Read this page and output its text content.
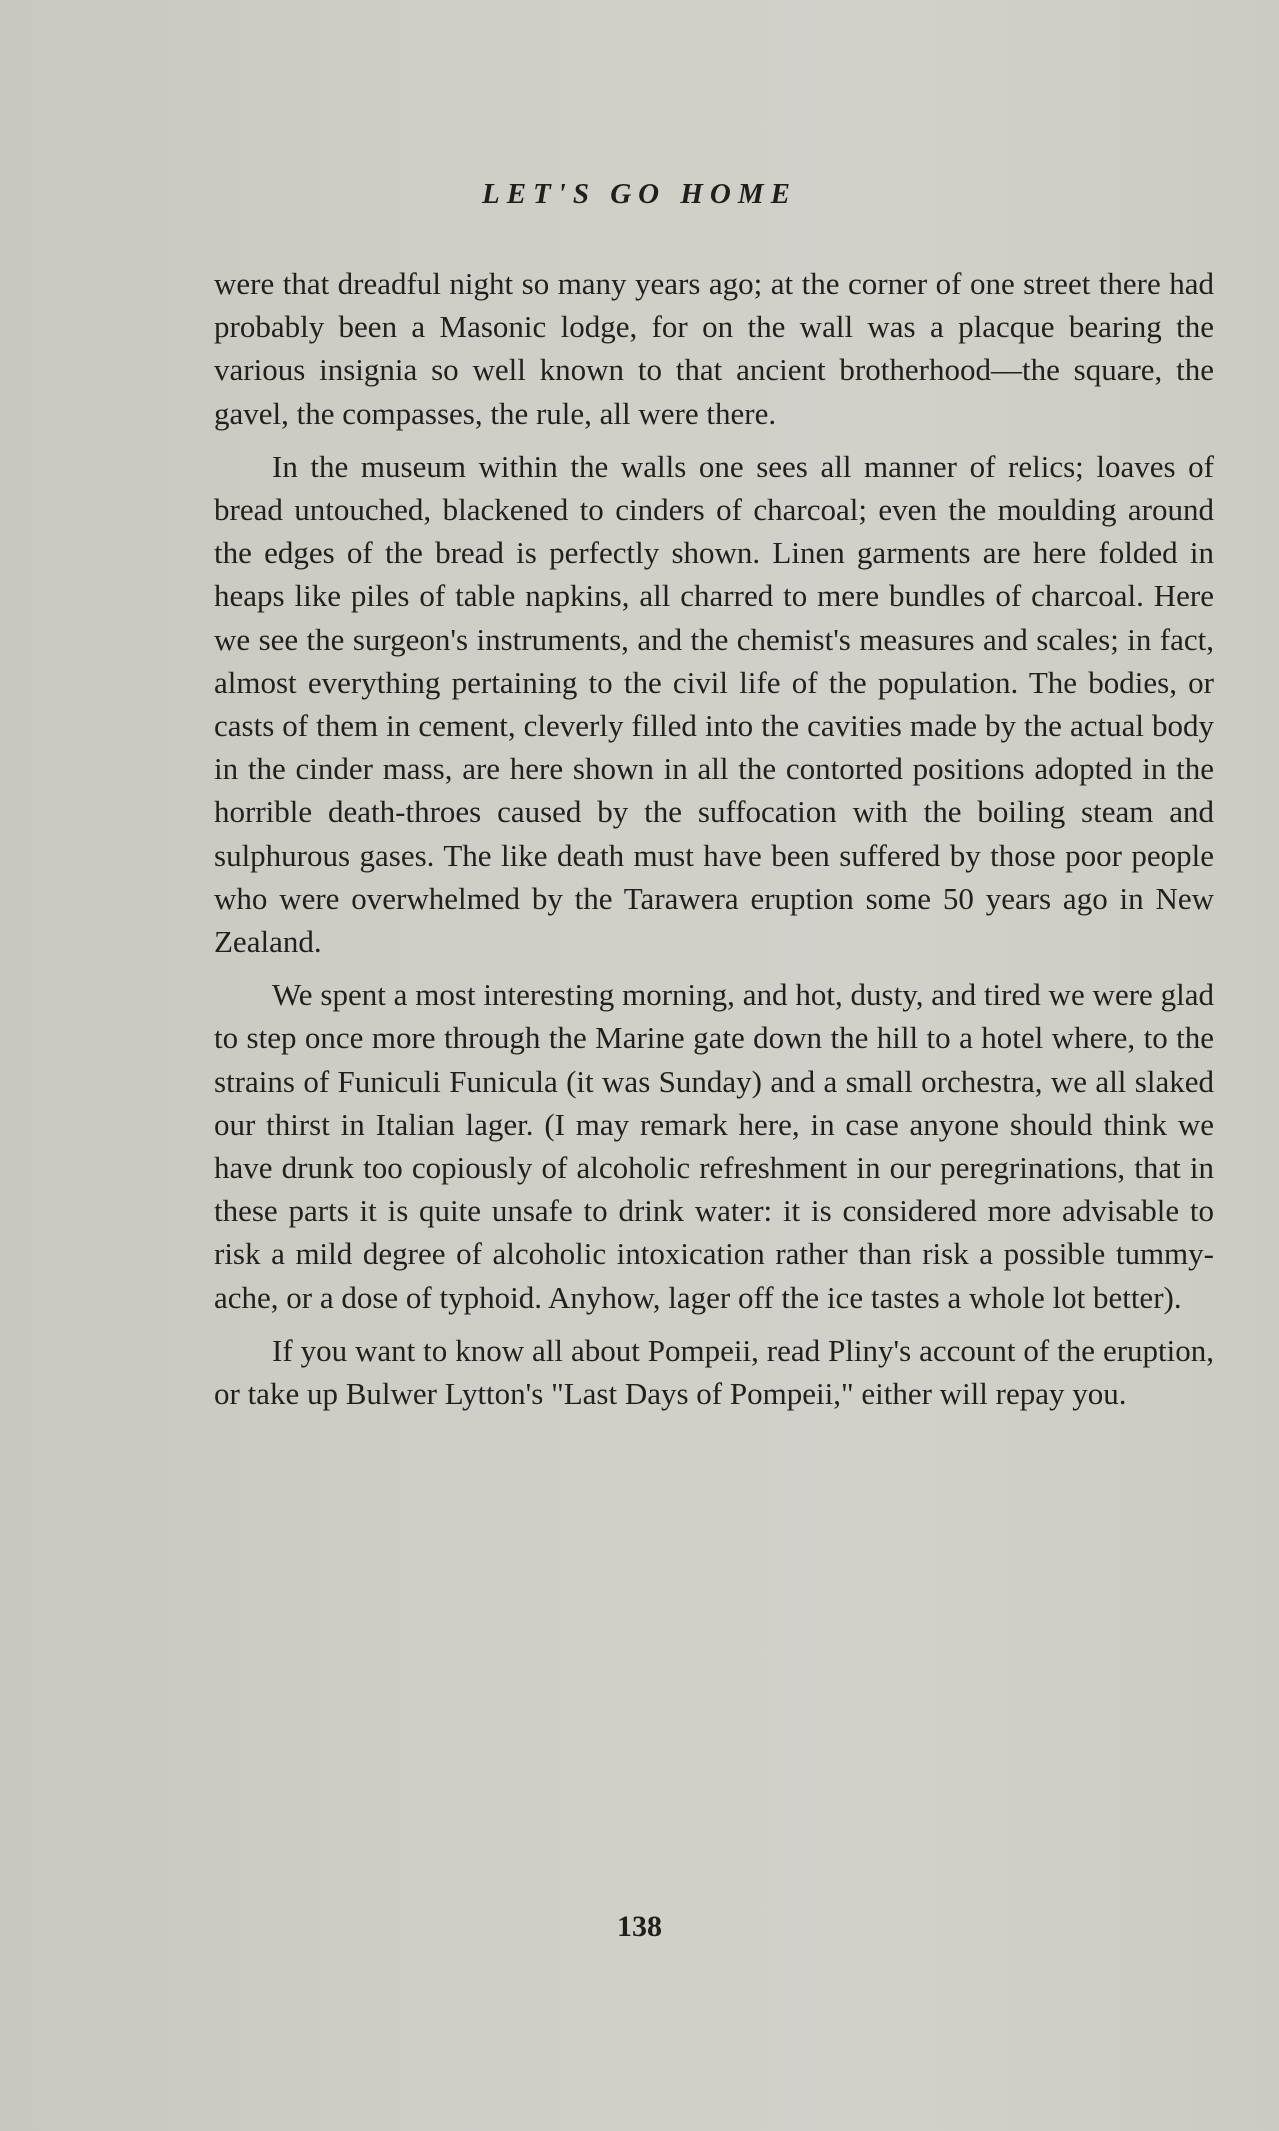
LET'S GO HOME

were that dreadful night so many years ago; at the corner of one street there had probably been a Masonic lodge, for on the wall was a placque bearing the various insignia so well known to that ancient brotherhood—the square, the gavel, the compasses, the rule, all were there.

In the museum within the walls one sees all manner of relics; loaves of bread untouched, blackened to cinders of charcoal; even the moulding around the edges of the bread is perfectly shown. Linen garments are here folded in heaps like piles of table napkins, all charred to mere bundles of charcoal. Here we see the surgeon's instruments, and the chemist's measures and scales; in fact, almost everything pertaining to the civil life of the population. The bodies, or casts of them in cement, cleverly filled into the cavities made by the actual body in the cinder mass, are here shown in all the contorted positions adopted in the horrible death-throes caused by the suffocation with the boiling steam and sulphurous gases. The like death must have been suffered by those poor people who were overwhelmed by the Tarawera eruption some 50 years ago in New Zealand.

We spent a most interesting morning, and hot, dusty, and tired we were glad to step once more through the Marine gate down the hill to a hotel where, to the strains of Funiculi Funicula (it was Sunday) and a small orchestra, we all slaked our thirst in Italian lager. (I may remark here, in case anyone should think we have drunk too copiously of alcoholic refreshment in our peregrinations, that in these parts it is quite unsafe to drink water: it is considered more advisable to risk a mild degree of alcoholic intoxication rather than risk a possible tummy-ache, or a dose of typhoid. Anyhow, lager off the ice tastes a whole lot better).

If you want to know all about Pompeii, read Pliny's account of the eruption, or take up Bulwer Lytton's "Last Days of Pompeii," either will repay you.

138
